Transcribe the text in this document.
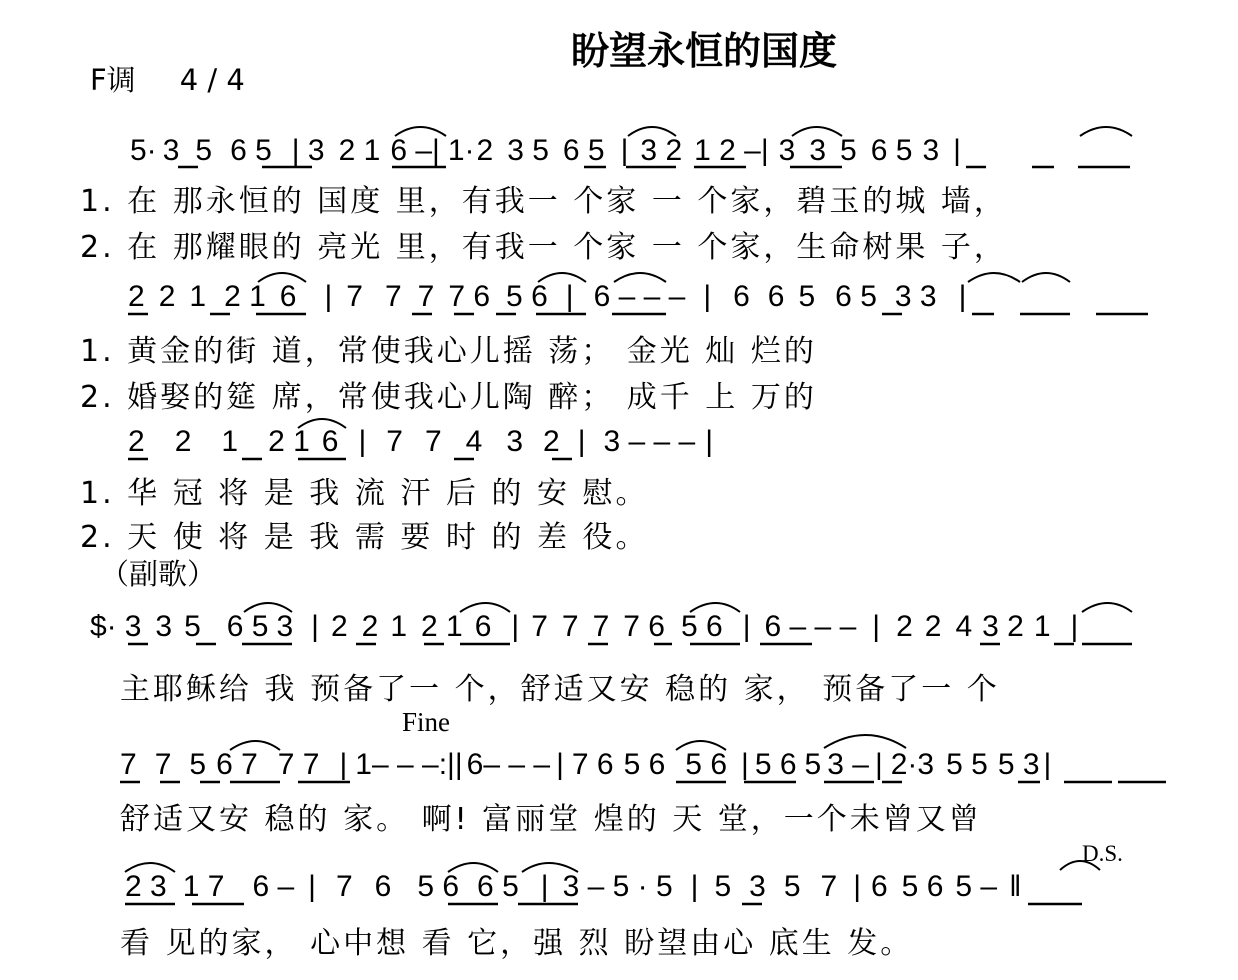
盼望永恒的国度
F调 4 / 4
5· 3 5 6 5 | 3 2 1 6 –| 1·2 3 5 6 5 | 3 2 1 2 –| 3 3 5 6 5 3 |
2 2 1 2 1 6 | 7 7 7 7 6 5 6 | 6 – – – | 6 6 5 6 5 3 3 |
2 2 1 2 1 6 | 7 7 4 3 2 | 3 – – – |
$· 3 3 5 6 5 3 | 2 2 1 2 1 6 | 7 7 7 7 6 5 6 | 6 – – – | 2 2 4 3 2 1 |
7 7 5 6 7 7 7 | 1– – –:|| 6– – – | 7 6 5 6 5 6 | 5 6 5 3 – | 2·3 5 5 5 3 |
2 3 1 7 6 – | 7 6 5 6 6 5 | 3 – 5 · 5 | 5 3 5 7 | 6 5 6 5 – ‖
1. 在 那永恒的 国度 里，有我一 个家 一 个家，碧玉的城 墙，
2. 在 那耀眼的 亮光 里，有我一 个家 一 个家，生命树果 子，
1. 黄金的街 道，常使我心儿摇 荡； 金光 灿 烂的
2. 婚娶的筵 席，常使我心儿陶 醉； 成千 上 万的
1. 华 冠 将 是 我 流 汗 后 的 安 慰。
2. 天 使 将 是 我 需 要 时 的 差 役。
（副歌）
主耶稣给 我 预备了一 个，舒适又安 稳的 家， 预备了一 个
Fine
舒适又安 稳的 家。 啊! 富丽堂 煌的 天 堂，一个未曾又曾
D.S.
看 见的家， 心中想 看 它，强 烈 盼望由心 底生 发。
